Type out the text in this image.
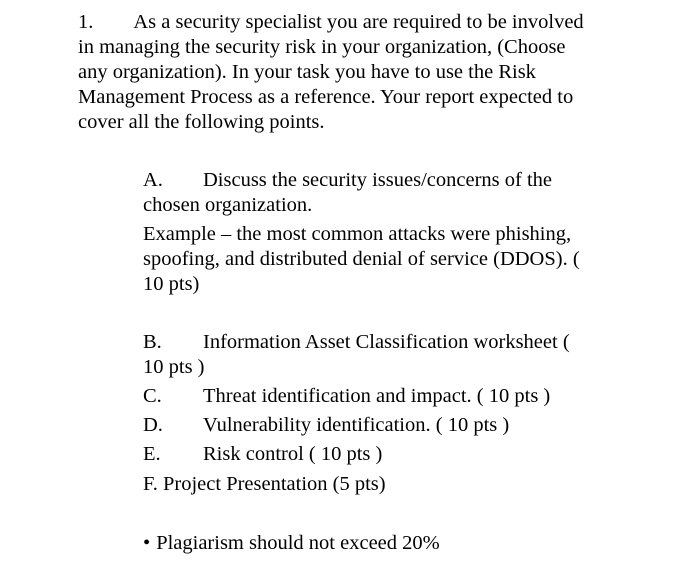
1. As a security specialist you are required to be involved
in managing the security risk in your organization, (Choose
any organization). In your task you have to use the Risk
Management Process as a reference. Your report expected to
cover all the following points.
A. Discuss the security issues/concerns of the
chosen organization.
Example – the most common attacks were phishing,
spoofing, and distributed denial of service (DDOS). (
10 pts)
B. Information Asset Classification worksheet (
10 pts )
C. Threat identification and impact. ( 10 pts )
D. Vulnerability identification. ( 10 pts )
E. Risk control ( 10 pts )
F. Project Presentation (5 pts)
• Plagiarism should not exceed 20%
